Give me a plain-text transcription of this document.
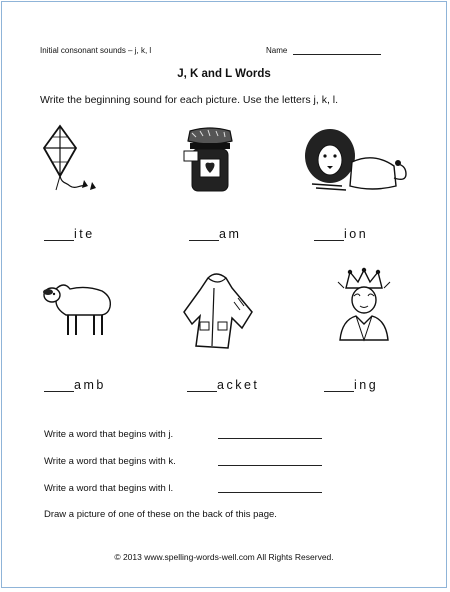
Initial consonant sounds – j, k, l	Name
J, K and L Words
Write the beginning sound for each picture. Use the letters j, k, l.
ite	am	ion
amb	acket	ing
Write a word that begins with j.
Write a word that begins with k.
Write a word that begins with l.
Draw a picture of one of these on the back of this page.
© 2013 www.spelling-words-well.com All Rights Reserved.
